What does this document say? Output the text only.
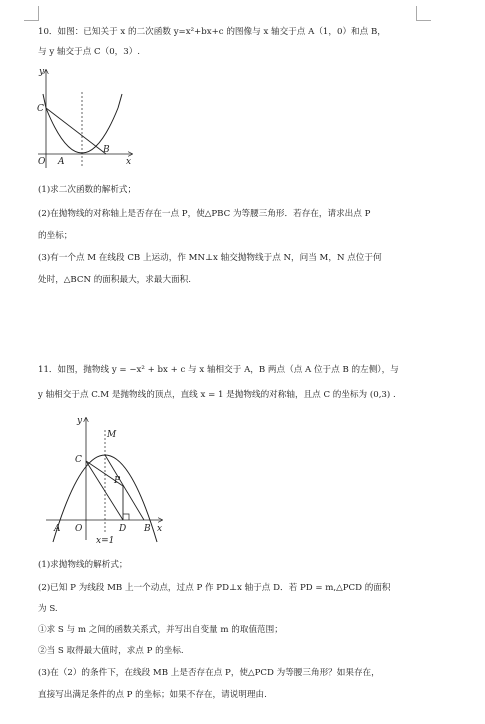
10．如图：已知关于 x 的二次函数 y=x²+bx+c 的图像与 x 轴交于点 A（1，0）和点 B，
与 y 轴交于点 C（0，3）.
y
C
O A
B
x
(1)求二次函数的解析式；
(2)在抛物线的对称轴上是否存在一点 P，使△PBC 为等腰三角形．若存在，请求出点 P
的坐标；
(3)有一个点 M 在线段 CB 上运动，作 MN⊥x 轴交抛物线于点 N，问当 M，N 点位于何
处时，△BCN 的面积最大，求最大面积.
11．如图，抛物线 y = −x² + bx + c 与 x 轴相交于 A，B 两点（点 A 位于点 B 的左侧），与
y 轴相交于点 C.M 是抛物线的顶点，直线 x = 1 是抛物线的对称轴，且点 C 的坐标为 (0,3) .
y
M
C
P
A O	D B x
x=1
(1)求抛物线的解析式；
(2)已知 P 为线段 MB 上一个动点，过点 P 作 PD⊥x 轴于点 D．若 PD = m,△PCD 的面积
为 S.
①求 S 与 m 之间的函数关系式，并写出自变量 m 的取值范围；
②当 S 取得最大值时，求点 P 的坐标.
(3)在（2）的条件下，在线段 MB 上是否存在点 P，使△PCD 为等腰三角形？如果存在，
直接写出满足条件的点 P 的坐标；如果不存在，请说明理由.
